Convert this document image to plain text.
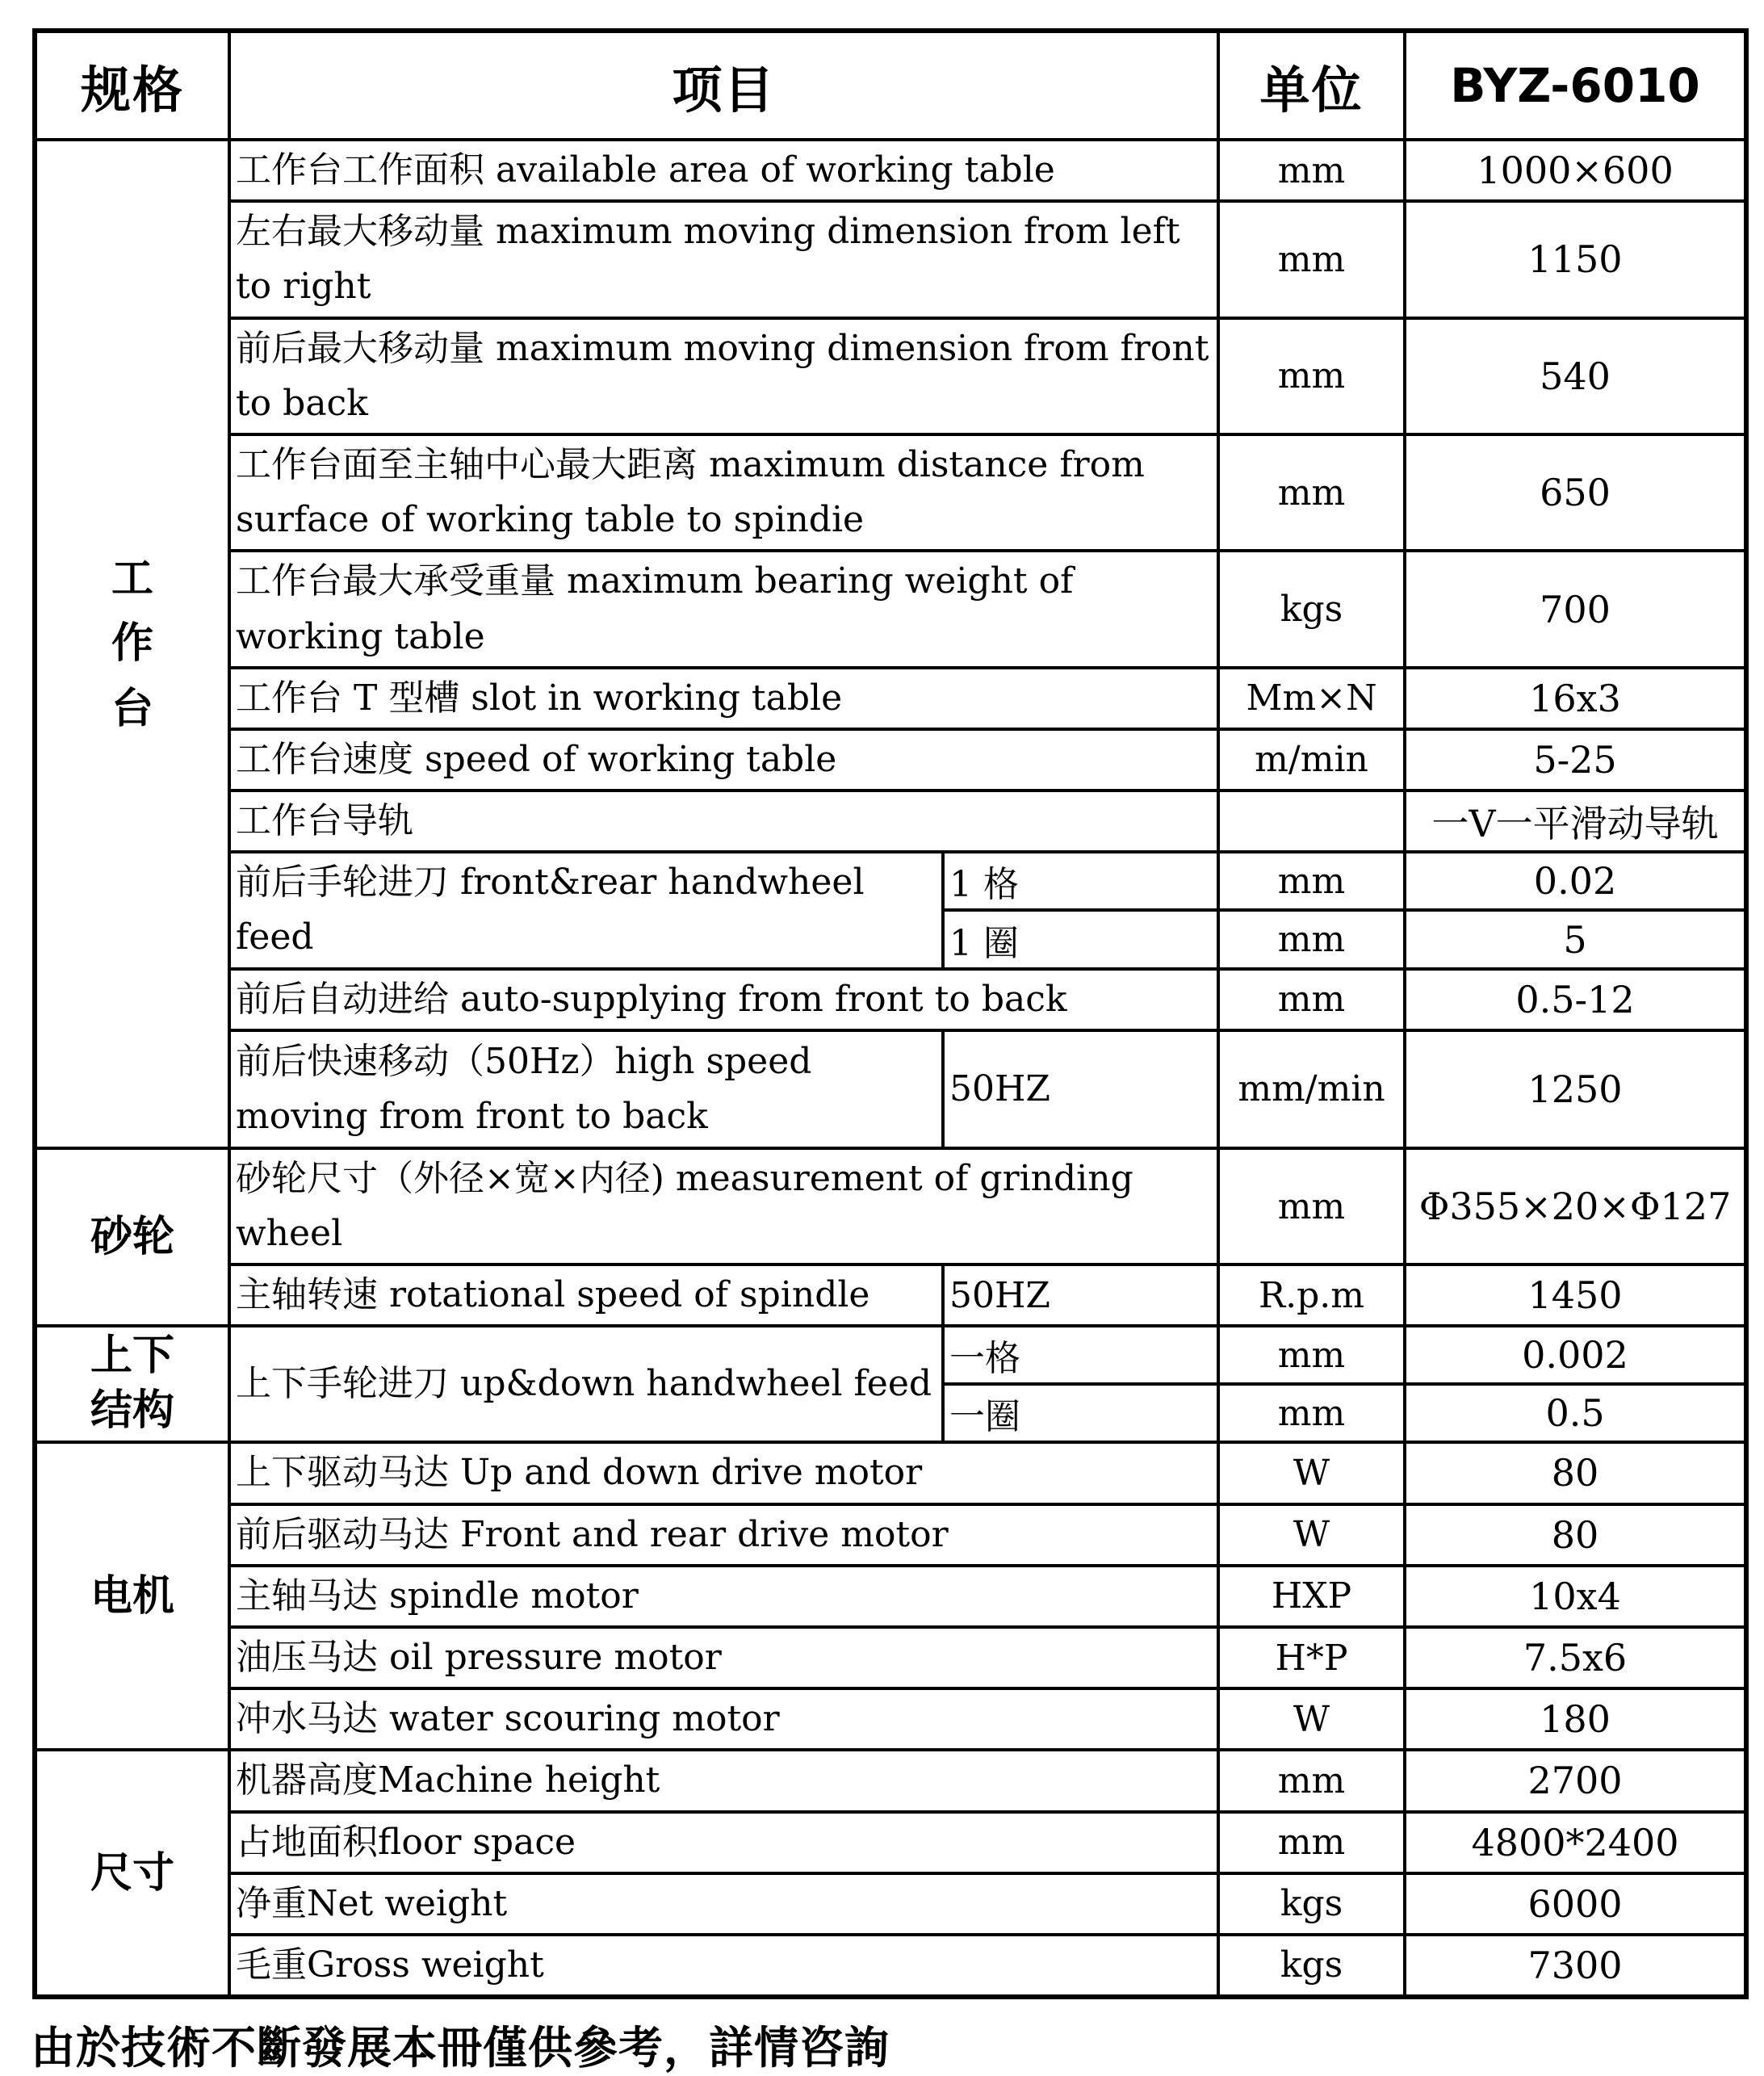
规格	项目		单位	BYZ-6010
工作台	工作台工作面积 available area of working table		mm	1000×600
	左右最大移动量 maximum moving dimension from left to right		mm	1150
	前后最大移动量 maximum moving dimension from front to back		mm	540
	工作台面至主轴中心最大距离 maximum distance from surface of working table to spindie		mm	650
	工作台最大承受重量 maximum bearing weight of working table		kgs	700
	工作台 T 型槽 slot in working table		Mm×N	16x3
	工作台速度 speed of working table		m/min	5-25
	工作台导轨			一V一平滑动导轨
	前后手轮进刀 front&rear handwheel feed	1 格	mm	0.02
		1 圈	mm	5
	前后自动进给 auto-supplying from front to back		mm	0.5-12
	前后快速移动（50Hz）high speed moving from front to back	50HZ	mm/min	1250
砂轮	砂轮尺寸（外径×宽×内径) measurement of grinding wheel		mm	Φ355×20×Φ127
	主轴转速 rotational speed of spindle	50HZ	R.p.m	1450
上下结构	上下手轮进刀 up&down handwheel feed	一格	mm	0.002
		一圈	mm	0.5
电机	上下驱动马达 Up and down drive motor		W	80
	前后驱动马达 Front and rear drive motor		W	80
	主轴马达 spindle motor		HXP	10x4
	油压马达 oil pressure motor		H*P	7.5x6
	冲水马达 water scouring motor		W	180
尺寸	机器高度Machine height		mm	2700
	占地面积floor space		mm	4800*2400
	净重Net weight		kgs	6000
	毛重Gross weight		kgs	7300
由於技術不斷發展本冊僅供參考，詳情咨詢
